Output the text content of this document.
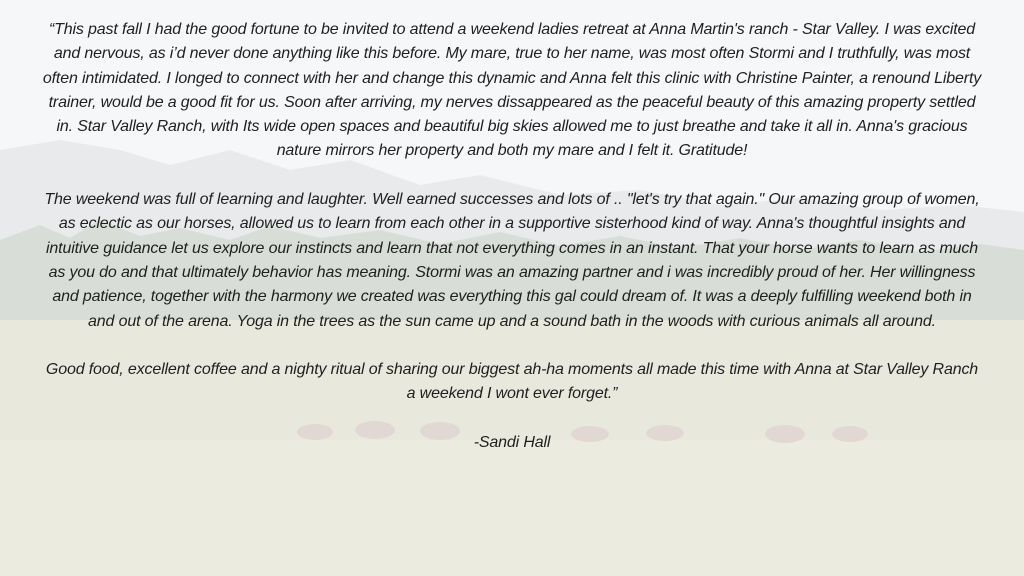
“This past fall I had the good fortune to be invited to attend a weekend ladies retreat at Anna Martin's ranch - Star Valley. I was excited and nervous, as i’d never done anything like this before. My mare, true to her name, was most often Stormi and I truthfully, was most often intimidated. I longed to connect with her and change this dynamic and Anna felt this clinic with Christine Painter, a renound Liberty trainer, would be a good fit for us. Soon after arriving, my nerves dissappeared as the peaceful beauty of this amazing property settled in. Star Valley Ranch, with Its wide open spaces and beautiful big skies allowed me to just breathe and take it all in. Anna's gracious nature mirrors her property and both my mare and I felt it. Gratitude!

The weekend was full of learning and laughter. Well earned successes and lots of .. "let's try that again." Our amazing group of women, as eclectic as our horses, allowed us to learn from each other in a supportive sisterhood kind of way. Anna's thoughtful insights and intuitive guidance let us explore our instincts and learn that not everything comes in an instant. That your horse wants to learn as much as you do and that ultimately behavior has meaning. Stormi was an amazing partner and i was incredibly proud of her. Her willingness and patience, together with the harmony we created was everything this gal could dream of. It was a deeply fulfilling weekend both in and out of the arena. Yoga in the trees as the sun came up and a sound bath in the woods with curious animals all around.

Good food, excellent coffee and a nighty ritual of sharing our biggest ah-ha moments all made this time with Anna at Star Valley Ranch a weekend I wont ever forget.”

-Sandi Hall
